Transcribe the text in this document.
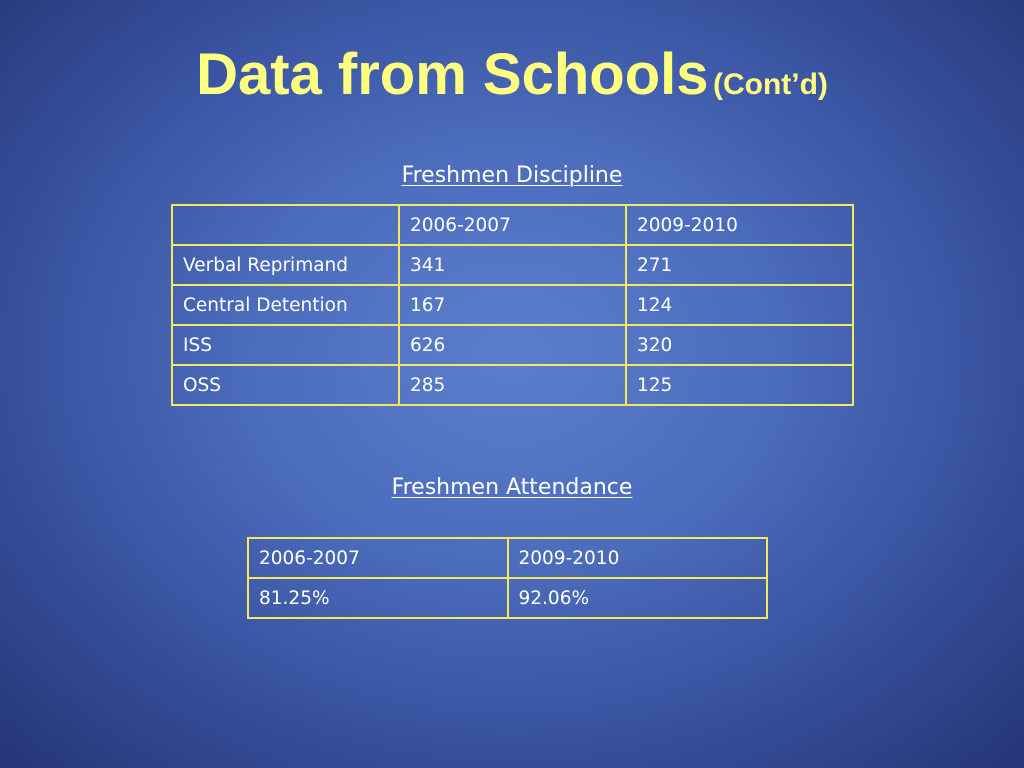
Data from Schools (Cont’d)
Freshmen Discipline
	2006-2007	2009-2010
Verbal Reprimand	341	271
Central Detention	167	124
ISS	626	320
OSS	285	125
Freshmen Attendance
2006-2007	2009-2010
81.25%	92.06%
